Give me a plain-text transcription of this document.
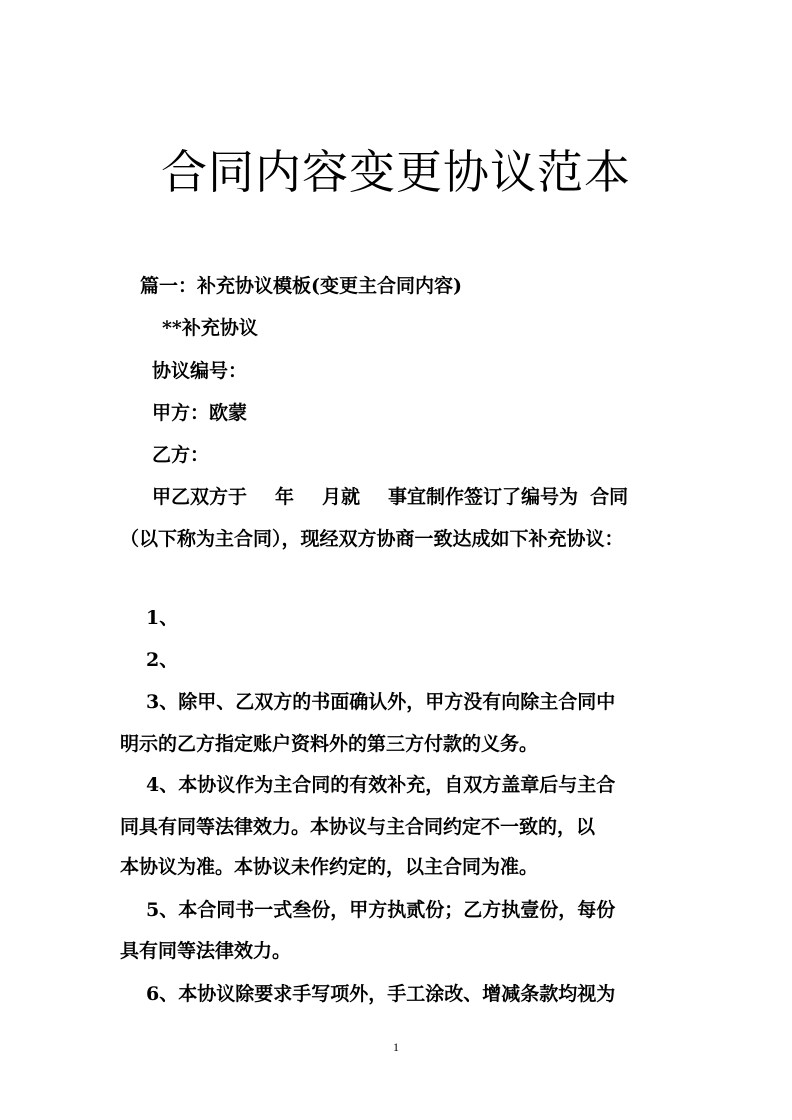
合同内容变更协议范本
篇一：补充协议模板(变更主合同内容)
**补充协议
协议编号：
甲方：欧蒙
乙方：
甲乙双方于 年 月就 事宜制作签订了编号为 合同
（以下称为主合同），现经双方协商一致达成如下补充协议：
1、
2、
3、除甲、乙双方的书面确认外，甲方没有向除主合同中
明示的乙方指定账户资料外的第三方付款的义务。
4、本协议作为主合同的有效补充，自双方盖章后与主合
同具有同等法律效力。本协议与主合同约定不一致的，以
本协议为准。本协议未作约定的，以主合同为准。
5、本合同书一式叁份，甲方执贰份；乙方执壹份，每份
具有同等法律效力。
6、本协议除要求手写项外，手工涂改、增减条款均视为
1
